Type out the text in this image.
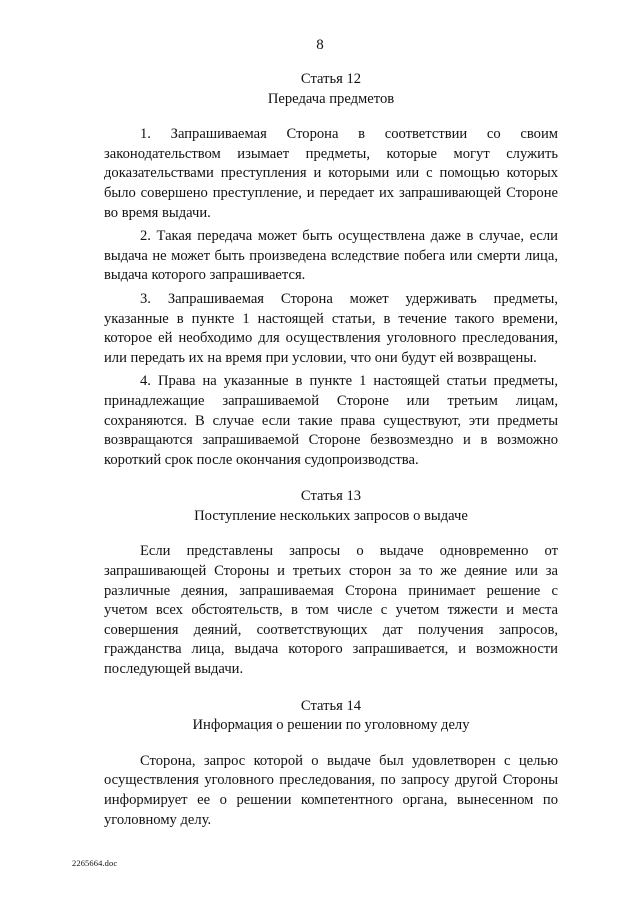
8
Статья 12
Передача предметов

1. Запрашиваемая Сторона в соответствии со своим законодательством изымает предметы, которые могут служить доказательствами преступления и которыми или с помощью которых было совершено преступление, и передает их запрашивающей Стороне во время выдачи.

2. Такая передача может быть осуществлена даже в случае, если выдача не может быть произведена вследствие побега или смерти лица, выдача которого запрашивается.

3. Запрашиваемая Сторона может удерживать предметы, указанные в пункте 1 настоящей статьи, в течение такого времени, которое ей необходимо для осуществления уголовного преследования, или передать их на время при условии, что они будут ей возвращены.

4. Права на указанные в пункте 1 настоящей статьи предметы, принадлежащие запрашиваемой Стороне или третьим лицам, сохраняются. В случае если такие права существуют, эти предметы возвращаются запрашиваемой Стороне безвозмездно и в возможно короткий срок после окончания судопроизводства.

Статья 13
Поступление нескольких запросов о выдаче

Если представлены запросы о выдаче одновременно от запрашивающей Стороны и третьих сторон за то же деяние или за различные деяния, запрашиваемая Сторона принимает решение с учетом всех обстоятельств, в том числе с учетом тяжести и места совершения деяний, соответствующих дат получения запросов, гражданства лица, выдача которого запрашивается, и возможности последующей выдачи.

Статья 14
Информация о решении по уголовному делу

Сторона, запрос которой о выдаче был удовлетворен с целью осуществления уголовного преследования, по запросу другой Стороны информирует ее о решении компетентного органа, вынесенном по уголовному делу.

2265664.doc
